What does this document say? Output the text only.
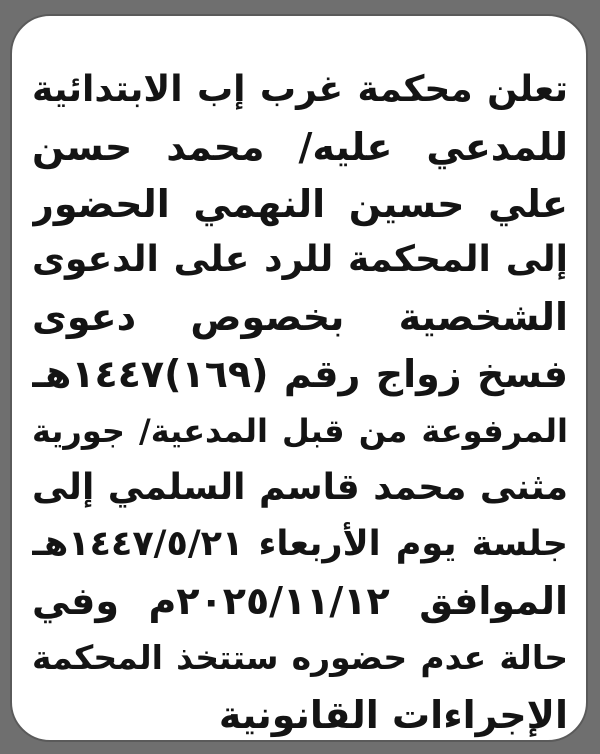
تعلن محكمة غرب إب الابتدائية
للمدعي عليه/ محمد حسن
علي حسين النهمي الحضور
إلى المحكمة للرد على الدعوى
الشخصية بخصوص دعوى
فسخ زواج رقم (١٦٩)١٤٤٧هـ
المرفوعة من قبل المدعية/ جورية
مثنى محمد قاسم السلمي إلى
جلسة يوم الأربعاء ١٤٤٧/٥/٢١هـ
الموافق ٢٠٢٥/١١/١٢م وفي
حالة عدم حضوره ستتخذ المحكمة
الإجراءات القانونية
